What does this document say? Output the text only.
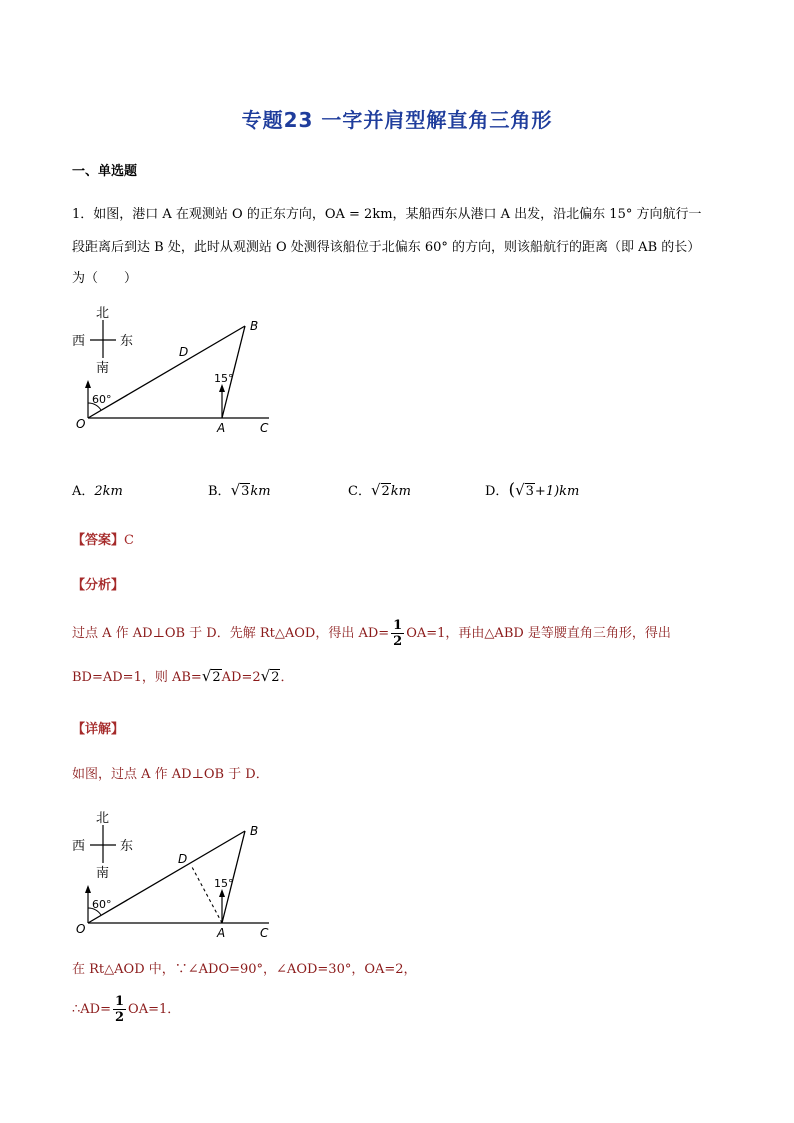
专题23 一字并肩型解直角三角形
一、单选题
1．如图，港口 A 在观测站 O 的正东方向，OA = 2km，某船西东从港口 A 出发，沿北偏东 15° 方向航行一
段距离后到达 B 处，此时从观测站 O 处测得该船位于北偏东 60° 的方向，则该船航行的距离（即 AB 的长）
为（　　）
北
西	东
南
60°
15°
O	A
B
C
D
A．2km	B．√3km	C．√2km	D．(√3+1)km
【答案】C
【分析】
过点 A 作 AD⊥OB 于 D．先解 Rt△AOD，得出 $AD= \frac{1}{2} OA=1$，再由△ABD 是等腰直角三角形，得出
BD=AD=1，则 AB=√2AD=2√2．
【详解】
如图，过点 A 作 AD⊥OB 于 D．
北
西	东
南
60°
15°
O	A
B
C
D
在 Rt△AOD 中，∵∠ADO=90°，∠AOD=30°，OA=2，
∴AD= $\frac{1}{2} OA=1$．
